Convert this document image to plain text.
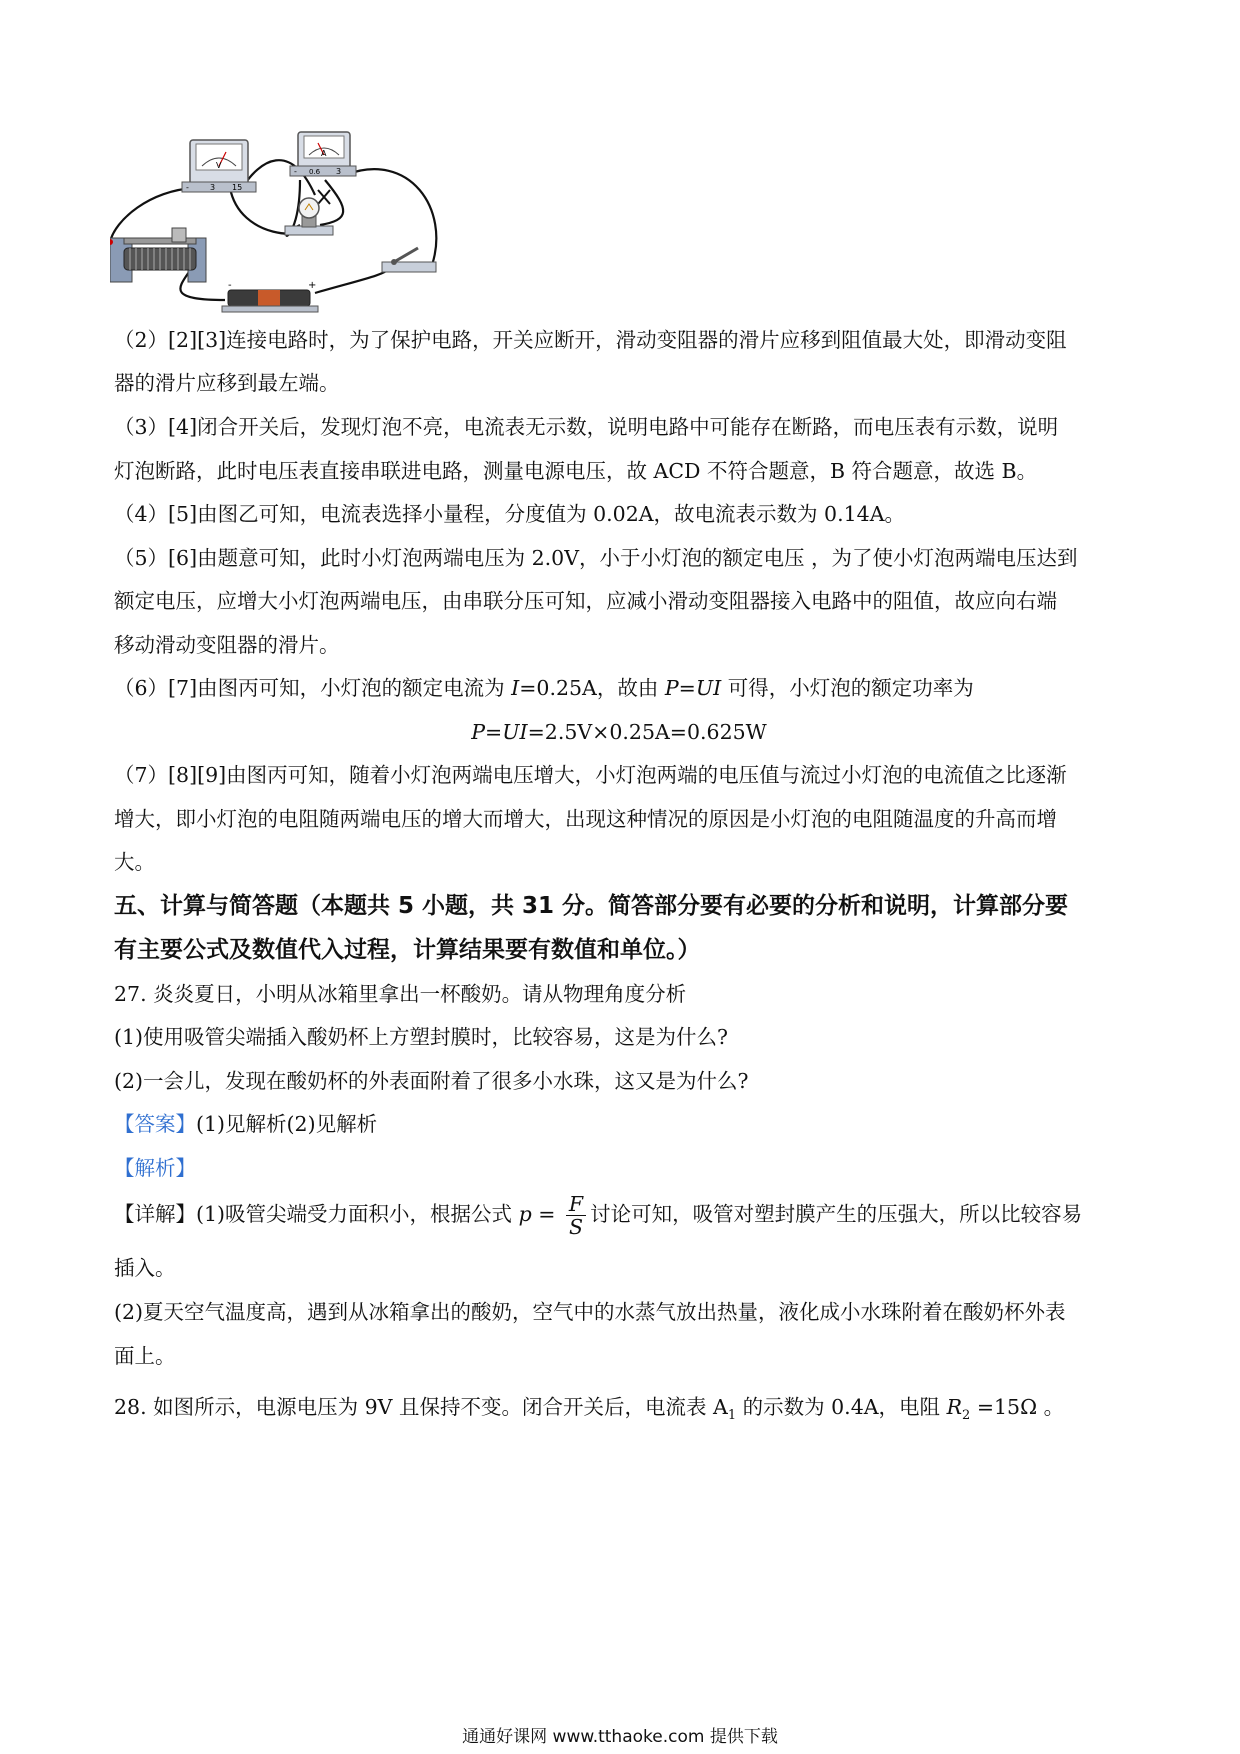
V
-	3 15
A
- 0.6 3
-	+
（2）[2][3]连接电路时，为了保护电路，开关应断开，滑动变阻器的滑片应移到阻值最大处，即滑动变阻
器的滑片应移到最左端。
（3）[4]闭合开关后，发现灯泡不亮，电流表无示数，说明电路中可能存在断路，而电压表有示数，说明
灯泡断路，此时电压表直接串联进电路，测量电源电压，故 ACD 不符合题意，B 符合题意，故选 B。
（4）[5]由图乙可知，电流表选择小量程，分度值为 0.02A，故电流表示数为 0.14A。
（5）[6]由题意可知，此时小灯泡两端电压为 2.0V，小于小灯泡的额定电压 ，为了使小灯泡两端电压达到
额定电压，应增大小灯泡两端电压，由串联分压可知，应减小滑动变阻器接入电路中的阻值，故应向右端
移动滑动变阻器的滑片。
（6）[7]由图丙可知，小灯泡的额定电流为 I=0.25A，故由 P=UI 可得，小灯泡的额定功率为
P=UI=2.5V×0.25A=0.625W
（7）[8][9]由图丙可知，随着小灯泡两端电压增大，小灯泡两端的电压值与流过小灯泡的电流值之比逐渐
增大，即小灯泡的电阻随两端电压的增大而增大，出现这种情况的原因是小灯泡的电阻随温度的升高而增
大。
五、计算与简答题（本题共 5 小题，共 31 分。简答部分要有必要的分析和说明，计算部分要
有主要公式及数值代入过程，计算结果要有数值和单位。）
27. 炎炎夏日，小明从冰箱里拿出一杯酸奶。请从物理角度分析
(1)使用吸管尖端插入酸奶杯上方塑封膜时，比较容易，这是为什么?
(2)一会儿，发现在酸奶杯的外表面附着了很多小水珠，这又是为什么?
【答案】(1)见解析(2)见解析
【解析】
【详解】(1)吸管尖端受力面积小，根据公式 $p = \frac{F}{S}$ 讨论可知，吸管对塑封膜产生的压强大，所以比较容易
插入。
(2)夏天空气温度高，遇到从冰箱拿出的酸奶，空气中的水蒸气放出热量，液化成小水珠附着在酸奶杯外表
面上。
28. 如图所示，电源电压为 9V 且保持不变。闭合开关后，电流表 $A_1$ 的示数为 0.4A，电阻 $R_2 =15\Omega$ 。
通通好课网 www.tthaoke.com 提供下载
